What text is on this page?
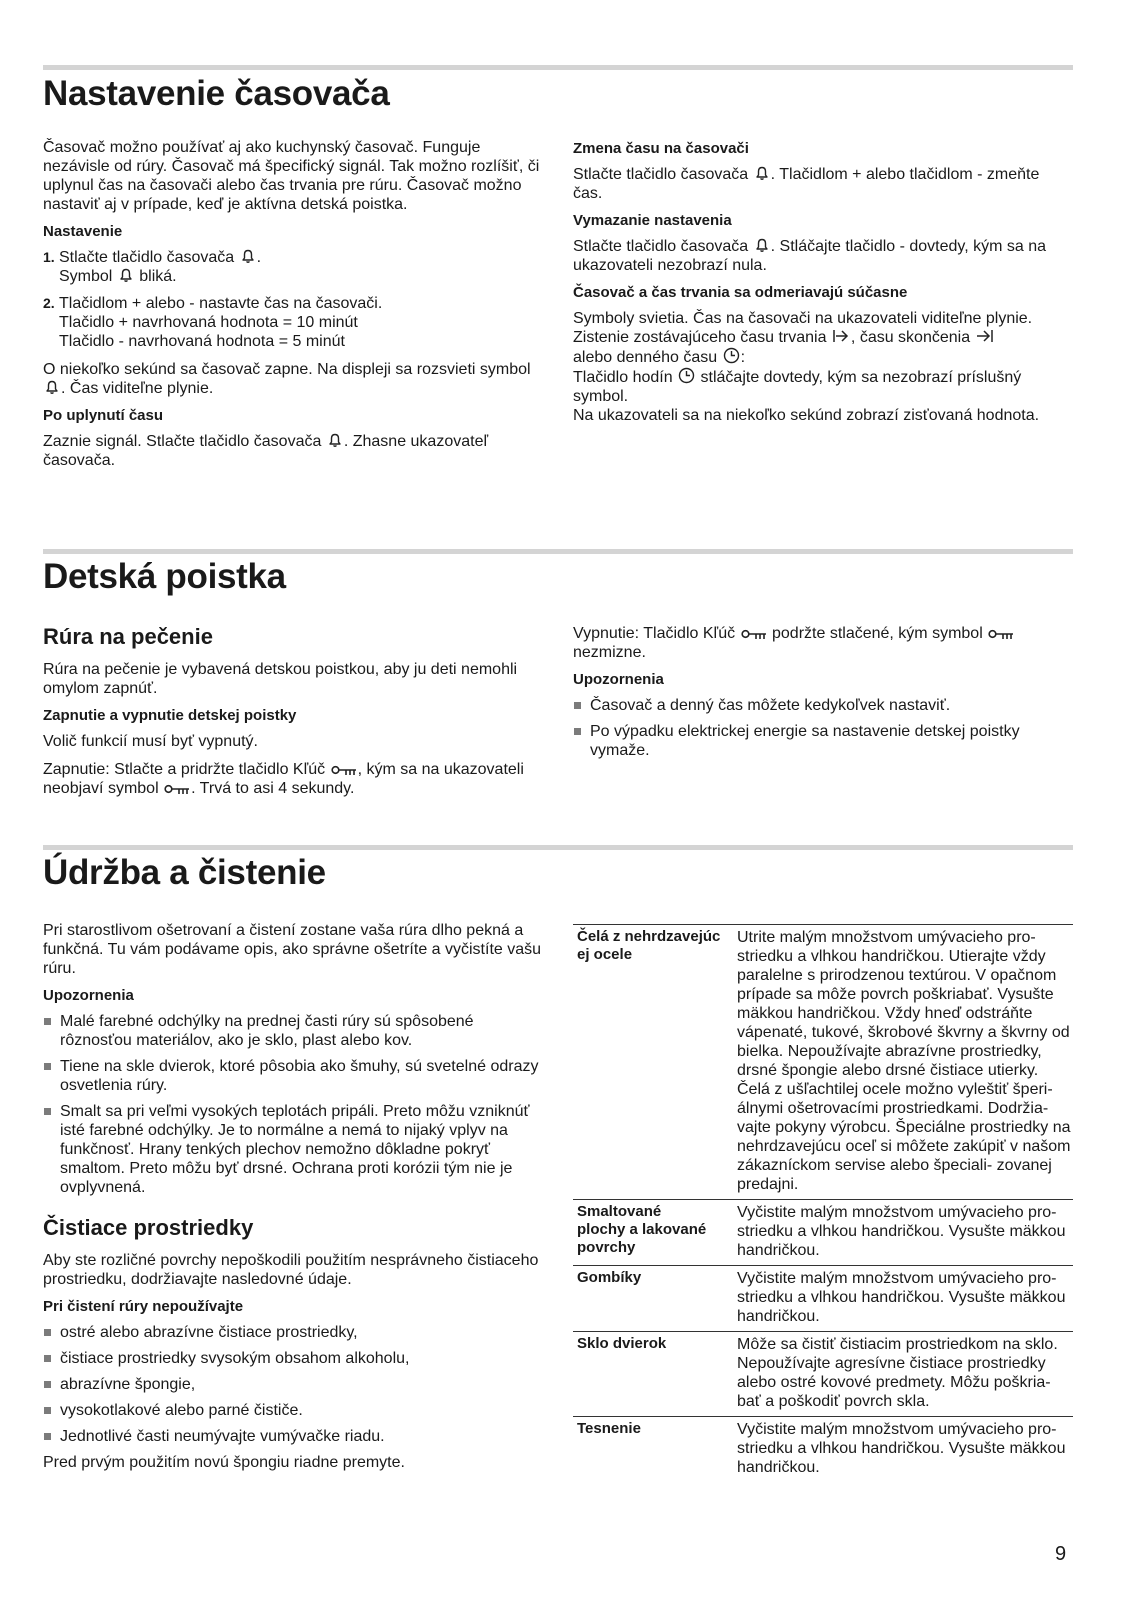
Nastavenie časovača

Časovač možno používať aj ako kuchynský časovač. Funguje nezávisle od rúry. Časovač má špecifický signál. Tak možno rozlíšiť, či uplynul čas na časovači alebo čas trvania pre rúru. Časovač možno nastaviť aj v prípade, keď je aktívna detská poistka.

Nastavenie
1. Stlačte tlačidlo časovača .
Symbol bliká.
2. Tlačidlom + alebo - nastavte čas na časovači.
Tlačidlo + navrhovaná hodnota = 10 minút
Tlačidlo - navrhovaná hodnota = 5 minút

O niekoľko sekúnd sa časovač zapne. Na displeji sa rozsvieti symbol . Čas viditeľne plynie.

Po uplynutí času

Zaznie signál. Stlačte tlačidlo časovača . Zhasne ukazovateľ časovača.

Zmena času na časovači

Stlačte tlačidlo časovača . Tlačidlom + alebo tlačidlom - zmeňte čas.

Vymazanie nastavenia

Stlačte tlačidlo časovača . Stláčajte tlačidlo - dovtedy, kým sa na ukazovateli nezobrazí nula.

Časovač a čas trvania sa odmeriavajú súčasne
Symboly svietia. Čas na časovači na ukazovateli viditeľne plynie.
Zistenie zostávajúceho času trvania , času skončenia
alebo denného času :
Tlačidlo hodín stláčajte dovtedy, kým sa nezobrazí príslušný symbol.
Na ukazovateli sa na niekoľko sekúnd zobrazí zisťovaná hodnota.
Detská poistka
Rúra na pečenie

Rúra na pečenie je vybavená detskou poistkou, aby ju deti nemohli omylom zapnúť.

Zapnutie a vypnutie detskej poistky

Volič funkcií musí byť vypnutý.

Zapnutie: Stlačte a pridržte tlačidlo Kľúč , kým sa na ukazovateli neobjaví symbol . Trvá to asi 4 sekundy.

Vypnutie: Tlačidlo Kľúč podržte stlačené, kým symbol  nezmizne.

Upozornenia
Časovač a denný čas môžete kedykoľvek nastaviť.
Po výpadku elektrickej energie sa nastavenie detskej poistky vymaže.
Údržba a čistenie

Pri starostlivom ošetrovaní a čistení zostane vaša rúra dlho pekná a funkčná. Tu vám podávame opis, ako správne ošetríte a vyčistíte vašu rúru.

Upozornenia
Malé farebné odchýlky na prednej časti rúry sú spôsobené rôznosťou materiálov, ako je sklo, plast alebo kov.
Tiene na skle dvierok, ktoré pôsobia ako šmuhy, sú svetelné odrazy osvetlenia rúry.
Smalt sa pri veľmi vysokých teplotách pripáli. Preto môžu vzniknúť isté farebné odchýlky. Je to normálne a nemá to nijaký vplyv na funkčnosť. Hrany tenkých plechov nemožno dôkladne pokryť smaltom. Preto môžu byť drsné. Ochrana proti korózii tým nie je ovplyvnená.
Čistiace prostriedky

Aby ste rozličné povrchy nepoškodili použitím nesprávneho čistiaceho prostriedku, dodržiavajte nasledovné údaje.

Pri čistení rúry nepoužívajte
ostré alebo abrazívne čistiace prostriedky,
čistiace prostriedky svysokým obsahom alkoholu,
abrazívne špongie,
vysokotlakové alebo parné čističe.
Jednotlivé časti neumývajte vumývačke riadu.

Pred prvým použitím novú špongiu riadne premyte.

Čelá z nehrdzavejúc ej ocele	Utrite malým množstvom umývacieho pro- striedku a vlhkou handričkou. Utierajte vždy paralelne s prirodzenou textúrou. V opačnom prípade sa môže povrch poškriabať. Vysušte mäkkou handričkou. Vždy hneď odstráňte vápenaté, tukové, škrobové škvrny a škvrny od bielka. Nepoužívajte abrazívne prostriedky, drsné špongie alebo drsné čistiace utierky. Čelá z ušľachtilej ocele možno vyleštiť šperi- álnymi ošetrovacími prostriedkami. Dodržia- vajte pokyny výrobcu. Špeciálne prostriedky na nehrdzavejúcu oceľ si môžete zakúpiť v našom zákazníckom servise alebo špeciali- zovanej predajni.
Smaltované plochy a lakované povrchy	Vyčistite malým množstvom umývacieho pro- striedku a vlhkou handričkou. Vysušte mäkkou handričkou.
Gombíky	Vyčistite malým množstvom umývacieho pro- striedku a vlhkou handričkou. Vysušte mäkkou handričkou.
Sklo dvierok	Môže sa čistiť čistiacim prostriedkom na sklo. Nepoužívajte agresívne čistiace prostriedky alebo ostré kovové predmety. Môžu poškria- bať a poškodiť povrch skla.
Tesnenie	Vyčistite malým množstvom umývacieho pro- striedku a vlhkou handričkou. Vysušte mäkkou handričkou.
9
